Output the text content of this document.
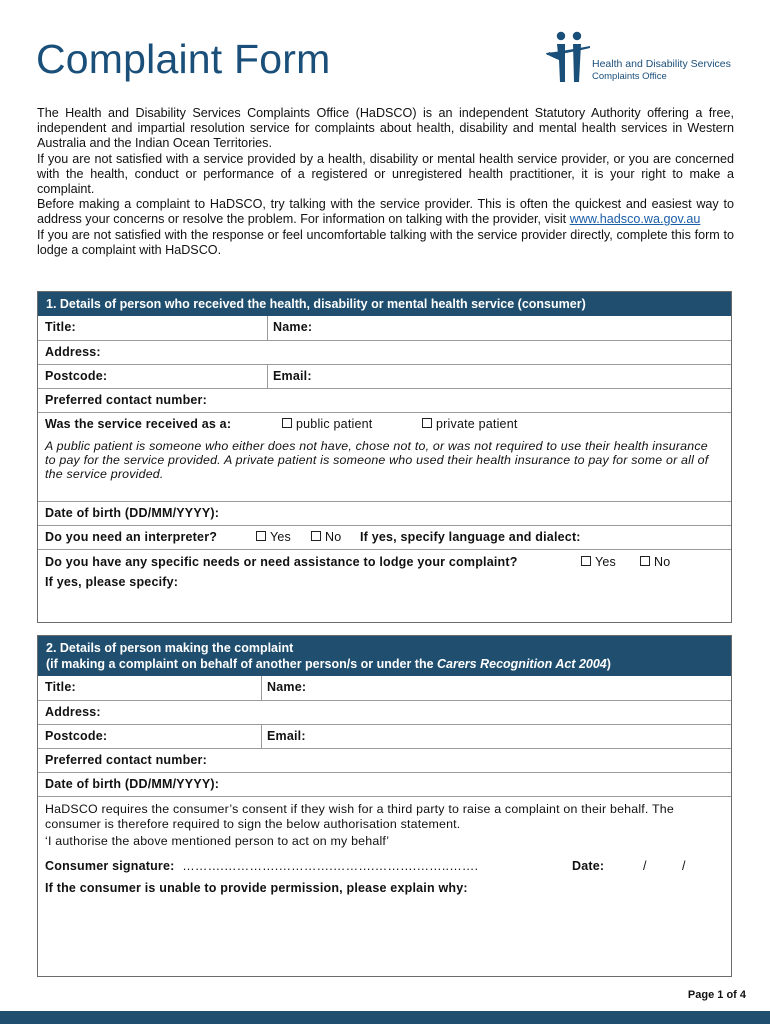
Complaint Form	Health and Disability Services
Complaints Office

The Health and Disability Services Complaints Office (HaDSCO) is an independent Statutory Authority offering a free, independent and impartial resolution service for complaints about health, disability and mental health services in Western Australia and the Indian Ocean Territories.

If you are not satisfied with a service provided by a health, disability or mental health service provider, or you are concerned with the health, conduct or performance of a registered or unregistered health practitioner, it is your right to make a complaint.

Before making a complaint to HaDSCO, try talking with the service provider. This is often the quickest and easiest way to address your concerns or resolve the problem. For information on talking with the provider, visit www.hadsco.wa.gov.au

If you are not satisfied with the response or feel uncomfortable talking with the service provider directly, complete this form to lodge a complaint with HaDSCO.

1. Details of person who received the health, disability or mental health service (consumer)
Title:	Name:
Address:
Postcode:	Email:
Preferred contact number:
Was the service received as a:	public patient	private patient
A public patient is someone who either does not have, chose not to, or was not required to use their health insurance to pay for the service provided. A private patient is someone who used their health insurance to pay for some or all of the service provided.
Date of birth (DD/MM/YYYY):
Do you need an interpreter?	Yes	No If yes, specify language and dialect:
Do you have any specific needs or need assistance to lodge your complaint?	Yes	No
If yes, please specify:
2. Details of person making the complaint
(if making a complaint on behalf of another person/s or under the Carers Recognition Act 2004)
Title:	Name:
Address:
Postcode:	Email:
Preferred contact number:
Date of birth (DD/MM/YYYY):
HaDSCO requires the consumer’s consent if they wish for a third party to raise a complaint on their behalf. The consumer is therefore required to sign the below authorisation statement.
‘I authorise the above mentioned person to act on my behalf’
Consumer signature: ……….………….………….……….……….……..…….	Date:	/	/
If the consumer is unable to provide permission, please explain why:
Page 1 of 4
